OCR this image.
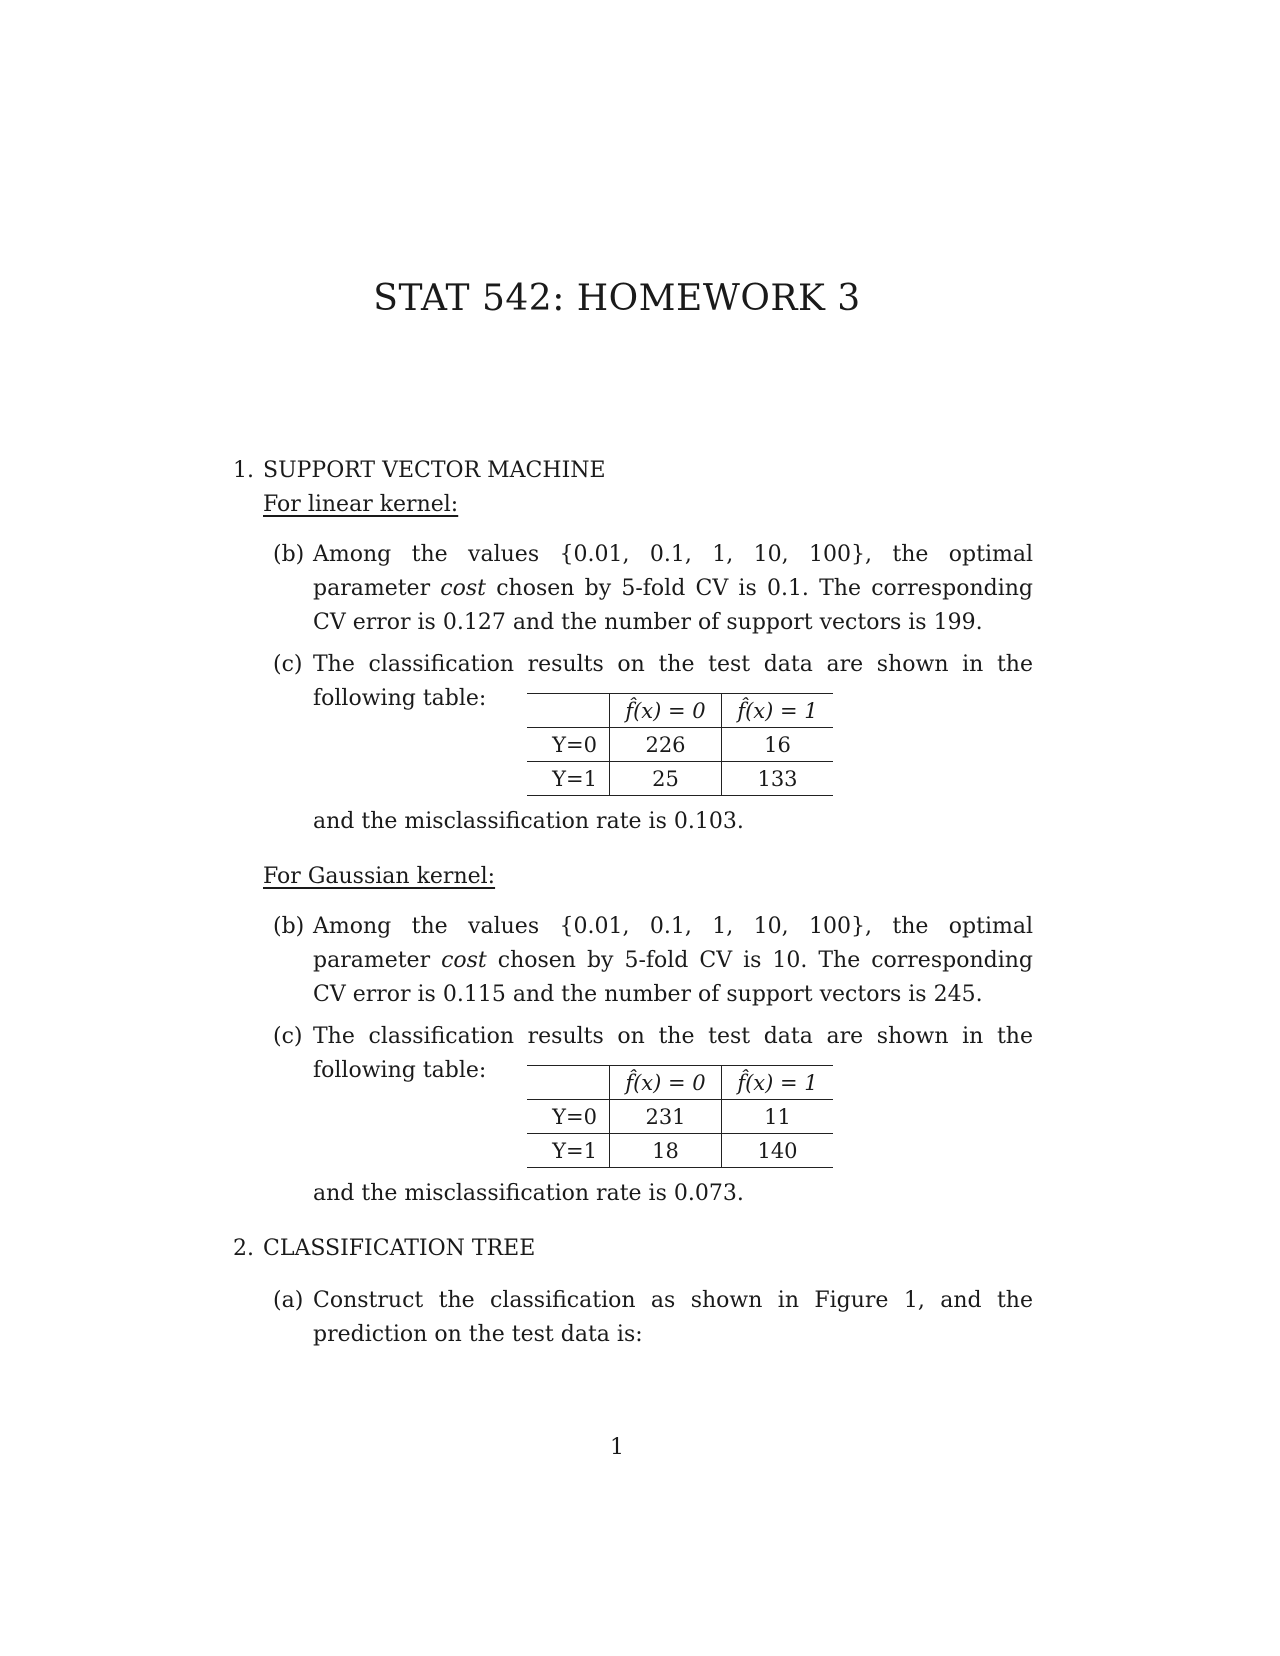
STAT 542: HOMEWORK 3
1. SUPPORT VECTOR MACHINE
For linear kernel:
(b) Among the values {0.01, 0.1, 1, 10, 100}, the optimal parameter cost chosen by 5-fold CV is 0.1. The corresponding CV error is 0.127 and the number of support vectors is 199.
(c) The classification results on the test data are shown in the following table:
		f̂(x) = 0	f̂(x) = 1
Y=0	226	16
Y=1	25	133
and the misclassification rate is 0.103.
For Gaussian kernel:
(b) Among the values {0.01, 0.1, 1, 10, 100}, the optimal parameter cost chosen by 5-fold CV is 10. The corresponding CV error is 0.115 and the number of support vectors is 245.
(c) The classification results on the test data are shown in the following table:
		f̂(x) = 0	f̂(x) = 1
Y=0	231	11
Y=1	18	140
and the misclassification rate is 0.073.
2. CLASSIFICATION TREE
(a) Construct the classification as shown in Figure 1, and the prediction on the test data is:
1
